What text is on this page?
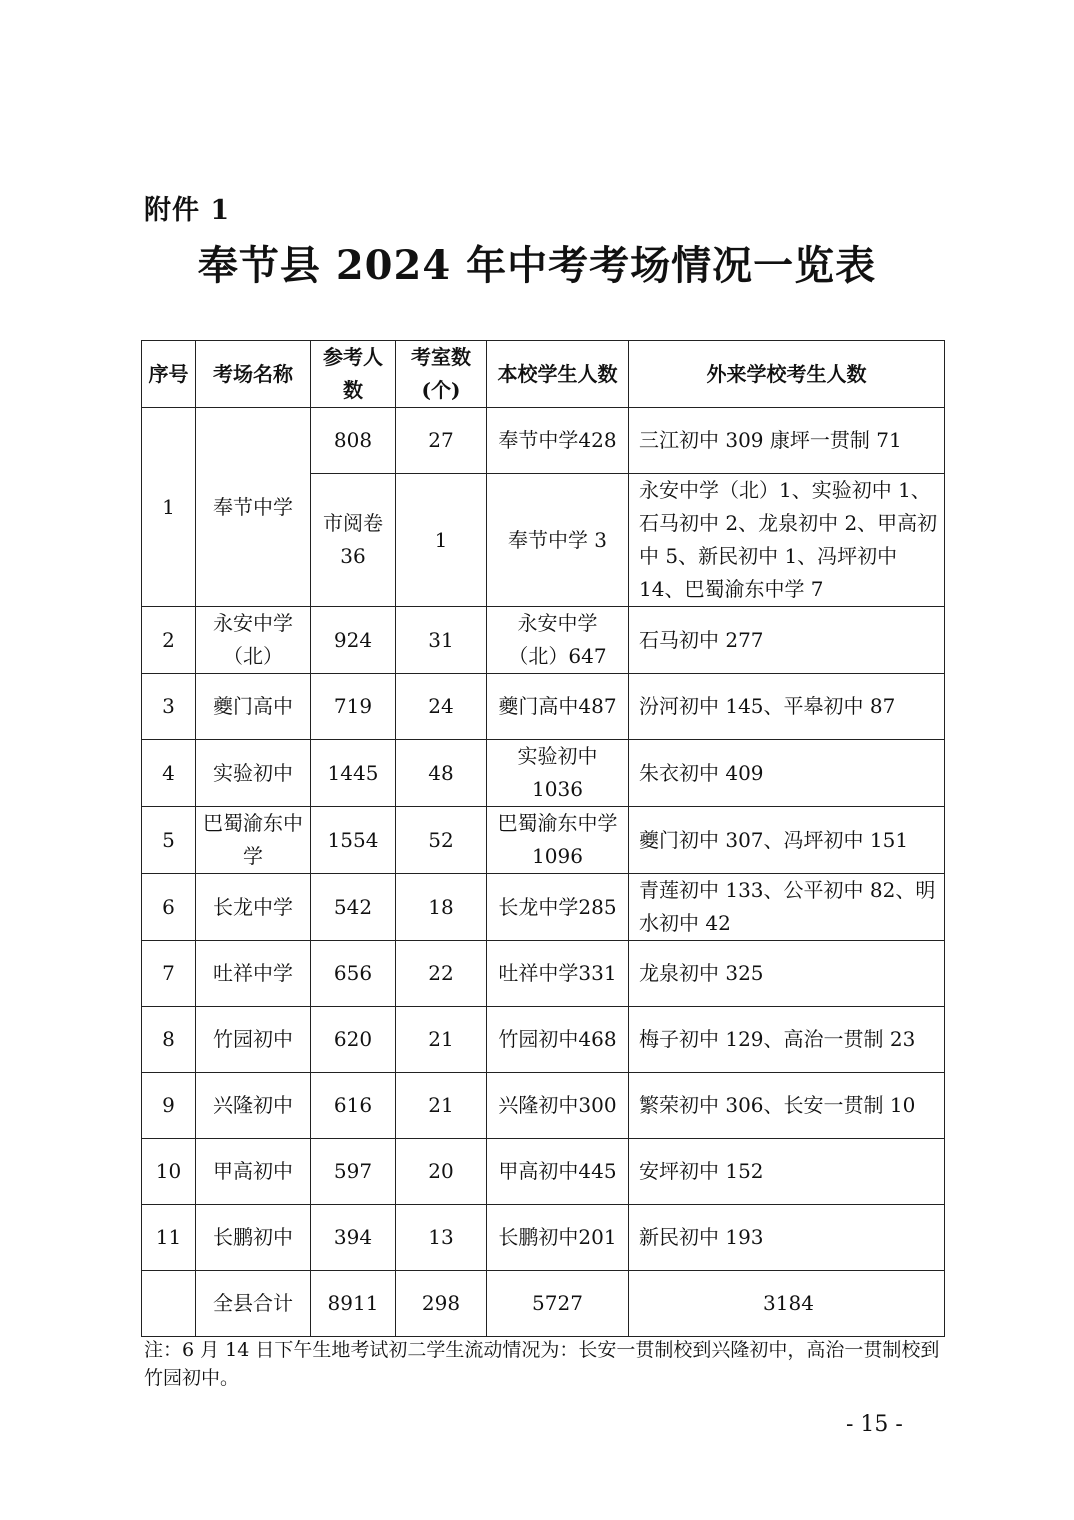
附件 1
奉节县 2024 年中考考场情况一览表
序号	考场名称	参考人数	考室数(个)	本校学生人数	外来学校考生人数
1	奉节中学	808	27	奉节中学428	三江初中 309 康坪一贯制 71
		市阅卷36	1	奉节中学 3	永安中学（北）1、实验初中 1、石马初中 2、龙泉初中 2、甲高初中 5、新民初中 1、冯坪初中 14、巴蜀渝东中学 7
2	永安中学（北）	924	31	永安中学（北）647	石马初中 277
3	夔门高中	719	24	夔门高中487	汾河初中 145、平皋初中 87
4	实验初中	1445	48	实验初中1036	朱衣初中 409
5	巴蜀渝东中学	1554	52	巴蜀渝东中学 1096	夔门初中 307、冯坪初中 151
6	长龙中学	542	18	长龙中学285	青莲初中 133、公平初中 82、明水初中 42
7	吐祥中学	656	22	吐祥中学331	龙泉初中 325
8	竹园初中	620	21	竹园初中468	梅子初中 129、高治一贯制 23
9	兴隆初中	616	21	兴隆初中300	繁荣初中 306、长安一贯制 10
10	甲高初中	597	20	甲高初中445	安坪初中 152
11	长鹏初中	394	13	长鹏初中201	新民初中 193
	全县合计	8911	298	5727	3184
注：6 月 14 日下午生地考试初二学生流动情况为：长安一贯制校到兴隆初中，高治一贯制校到竹园初中。
- 15 -
